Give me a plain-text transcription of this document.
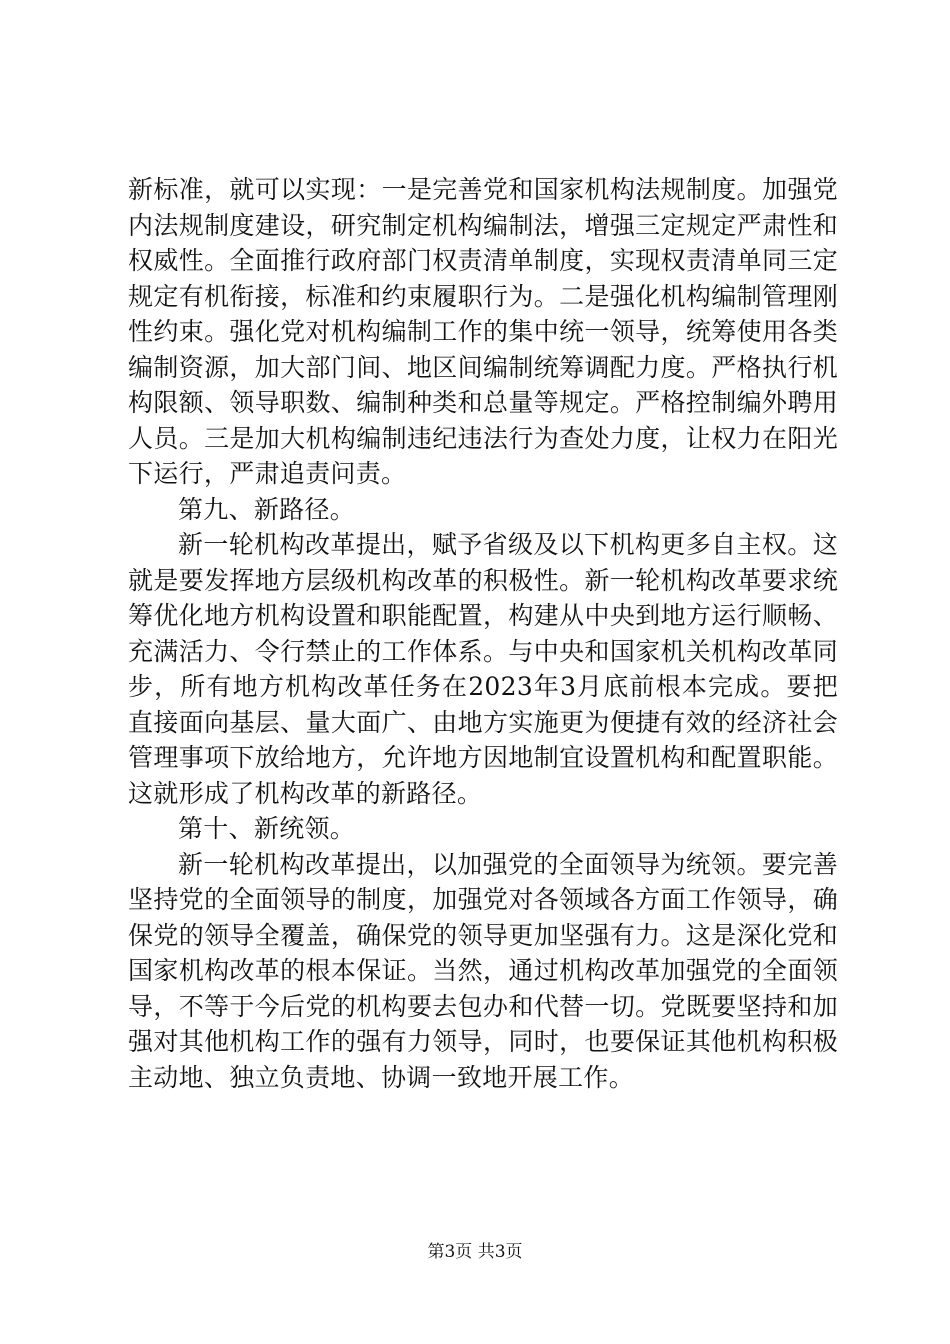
新标准，就可以实现：一是完善党和国家机构法规制度。加强党内法规制度建设，研究制定机构编制法，增强三定规定严肃性和权威性。全面推行政府部门权责清单制度，实现权责清单同三定规定有机衔接，标准和约束履职行为。二是强化机构编制管理刚性约束。强化党对机构编制工作的集中统一领导，统筹使用各类编制资源，加大部门间、地区间编制统筹调配力度。严格执行机构限额、领导职数、编制种类和总量等规定。严格控制编外聘用人员。三是加大机构编制违纪违法行为查处力度，让权力在阳光下运行，严肃追责问责。

第九、新路径。

新一轮机构改革提出，赋予省级及以下机构更多自主权。这就是要发挥地方层级机构改革的积极性。新一轮机构改革要求统筹优化地方机构设置和职能配置，构建从中央到地方运行顺畅、充满活力、令行禁止的工作体系。与中央和国家机关机构改革同步，所有地方机构改革任务在2023年3月底前根本完成。要把直接面向基层、量大面广、由地方实施更为便捷有效的经济社会管理事项下放给地方，允许地方因地制宜设置机构和配置职能。这就形成了机构改革的新路径。

第十、新统领。

新一轮机构改革提出，以加强党的全面领导为统领。要完善坚持党的全面领导的制度，加强党对各领域各方面工作领导，确保党的领导全覆盖，确保党的领导更加坚强有力。这是深化党和国家机构改革的根本保证。当然，通过机构改革加强党的全面领导，不等于今后党的机构要去包办和代替一切。党既要坚持和加强对其他机构工作的强有力领导，同时，也要保证其他机构积极主动地、独立负责地、协调一致地开展工作。

第3页 共3页
